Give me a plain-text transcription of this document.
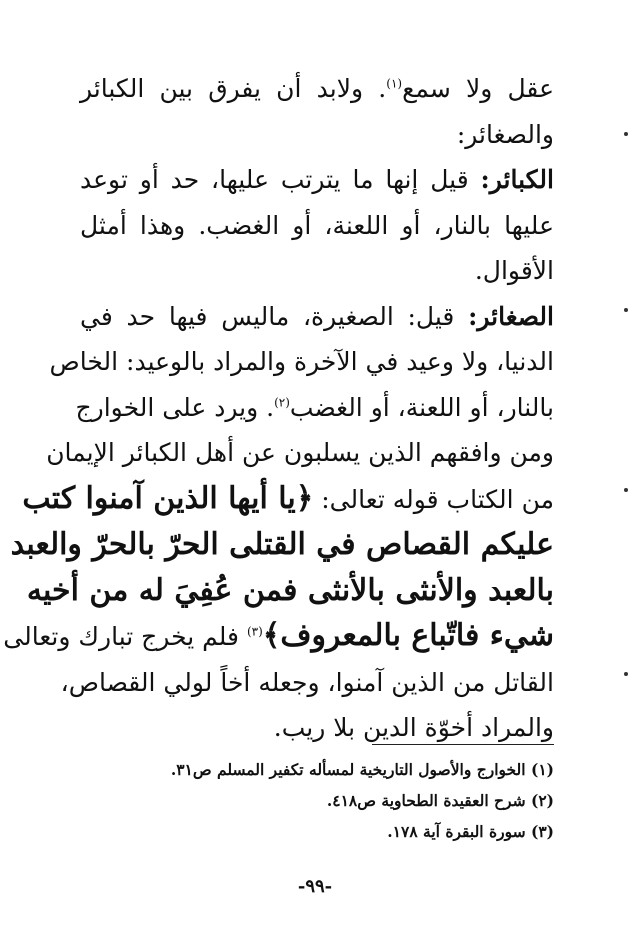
عقل ولا سمع$^{(١)}$. ولابد أن يفرق بين الكبائر
والصغائر:
الكبائر: قيل إنها ما يترتب عليها، حد أو توعد
عليها بالنار، أو اللعنة، أو الغضب. وهذا أمثل
الأقوال.
الصغائر: قيل: الصغيرة، ماليس فيها حد في
الدنيا، ولا وعيد في الآخرة والمراد بالوعيد: الخاص
بالنار، أو اللعنة، أو الغضب$^{(٢)}$. ويرد على الخوارج
ومن وافقهم الذين يسلبون عن أهل الكبائر الإيمان
من الكتاب قوله تعالى: ﴿يا أيها الذين آمنوا كتب
عليكم القصاص في القتلى الحرّ بالحرّ والعبد
بالعبد والأنثى بالأنثى فمن عُفِيَ له من أخيه
شيء فاتّباع بالمعروف﴾$^{(٣)}$ فلم يخرج تبارك وتعالى
القاتل من الذين آمنوا، وجعله أخاً لولي القصاص،
والمراد أخوّة الدين بلا ريب.
(١) الخوارج والأصول التاريخية لمسأله تكفير المسلم ص٣١.
(٢) شرح العقيدة الطحاوية ص٤١٨.
(٣) سورة البقرة آية ١٧٨.
-٩٩-
